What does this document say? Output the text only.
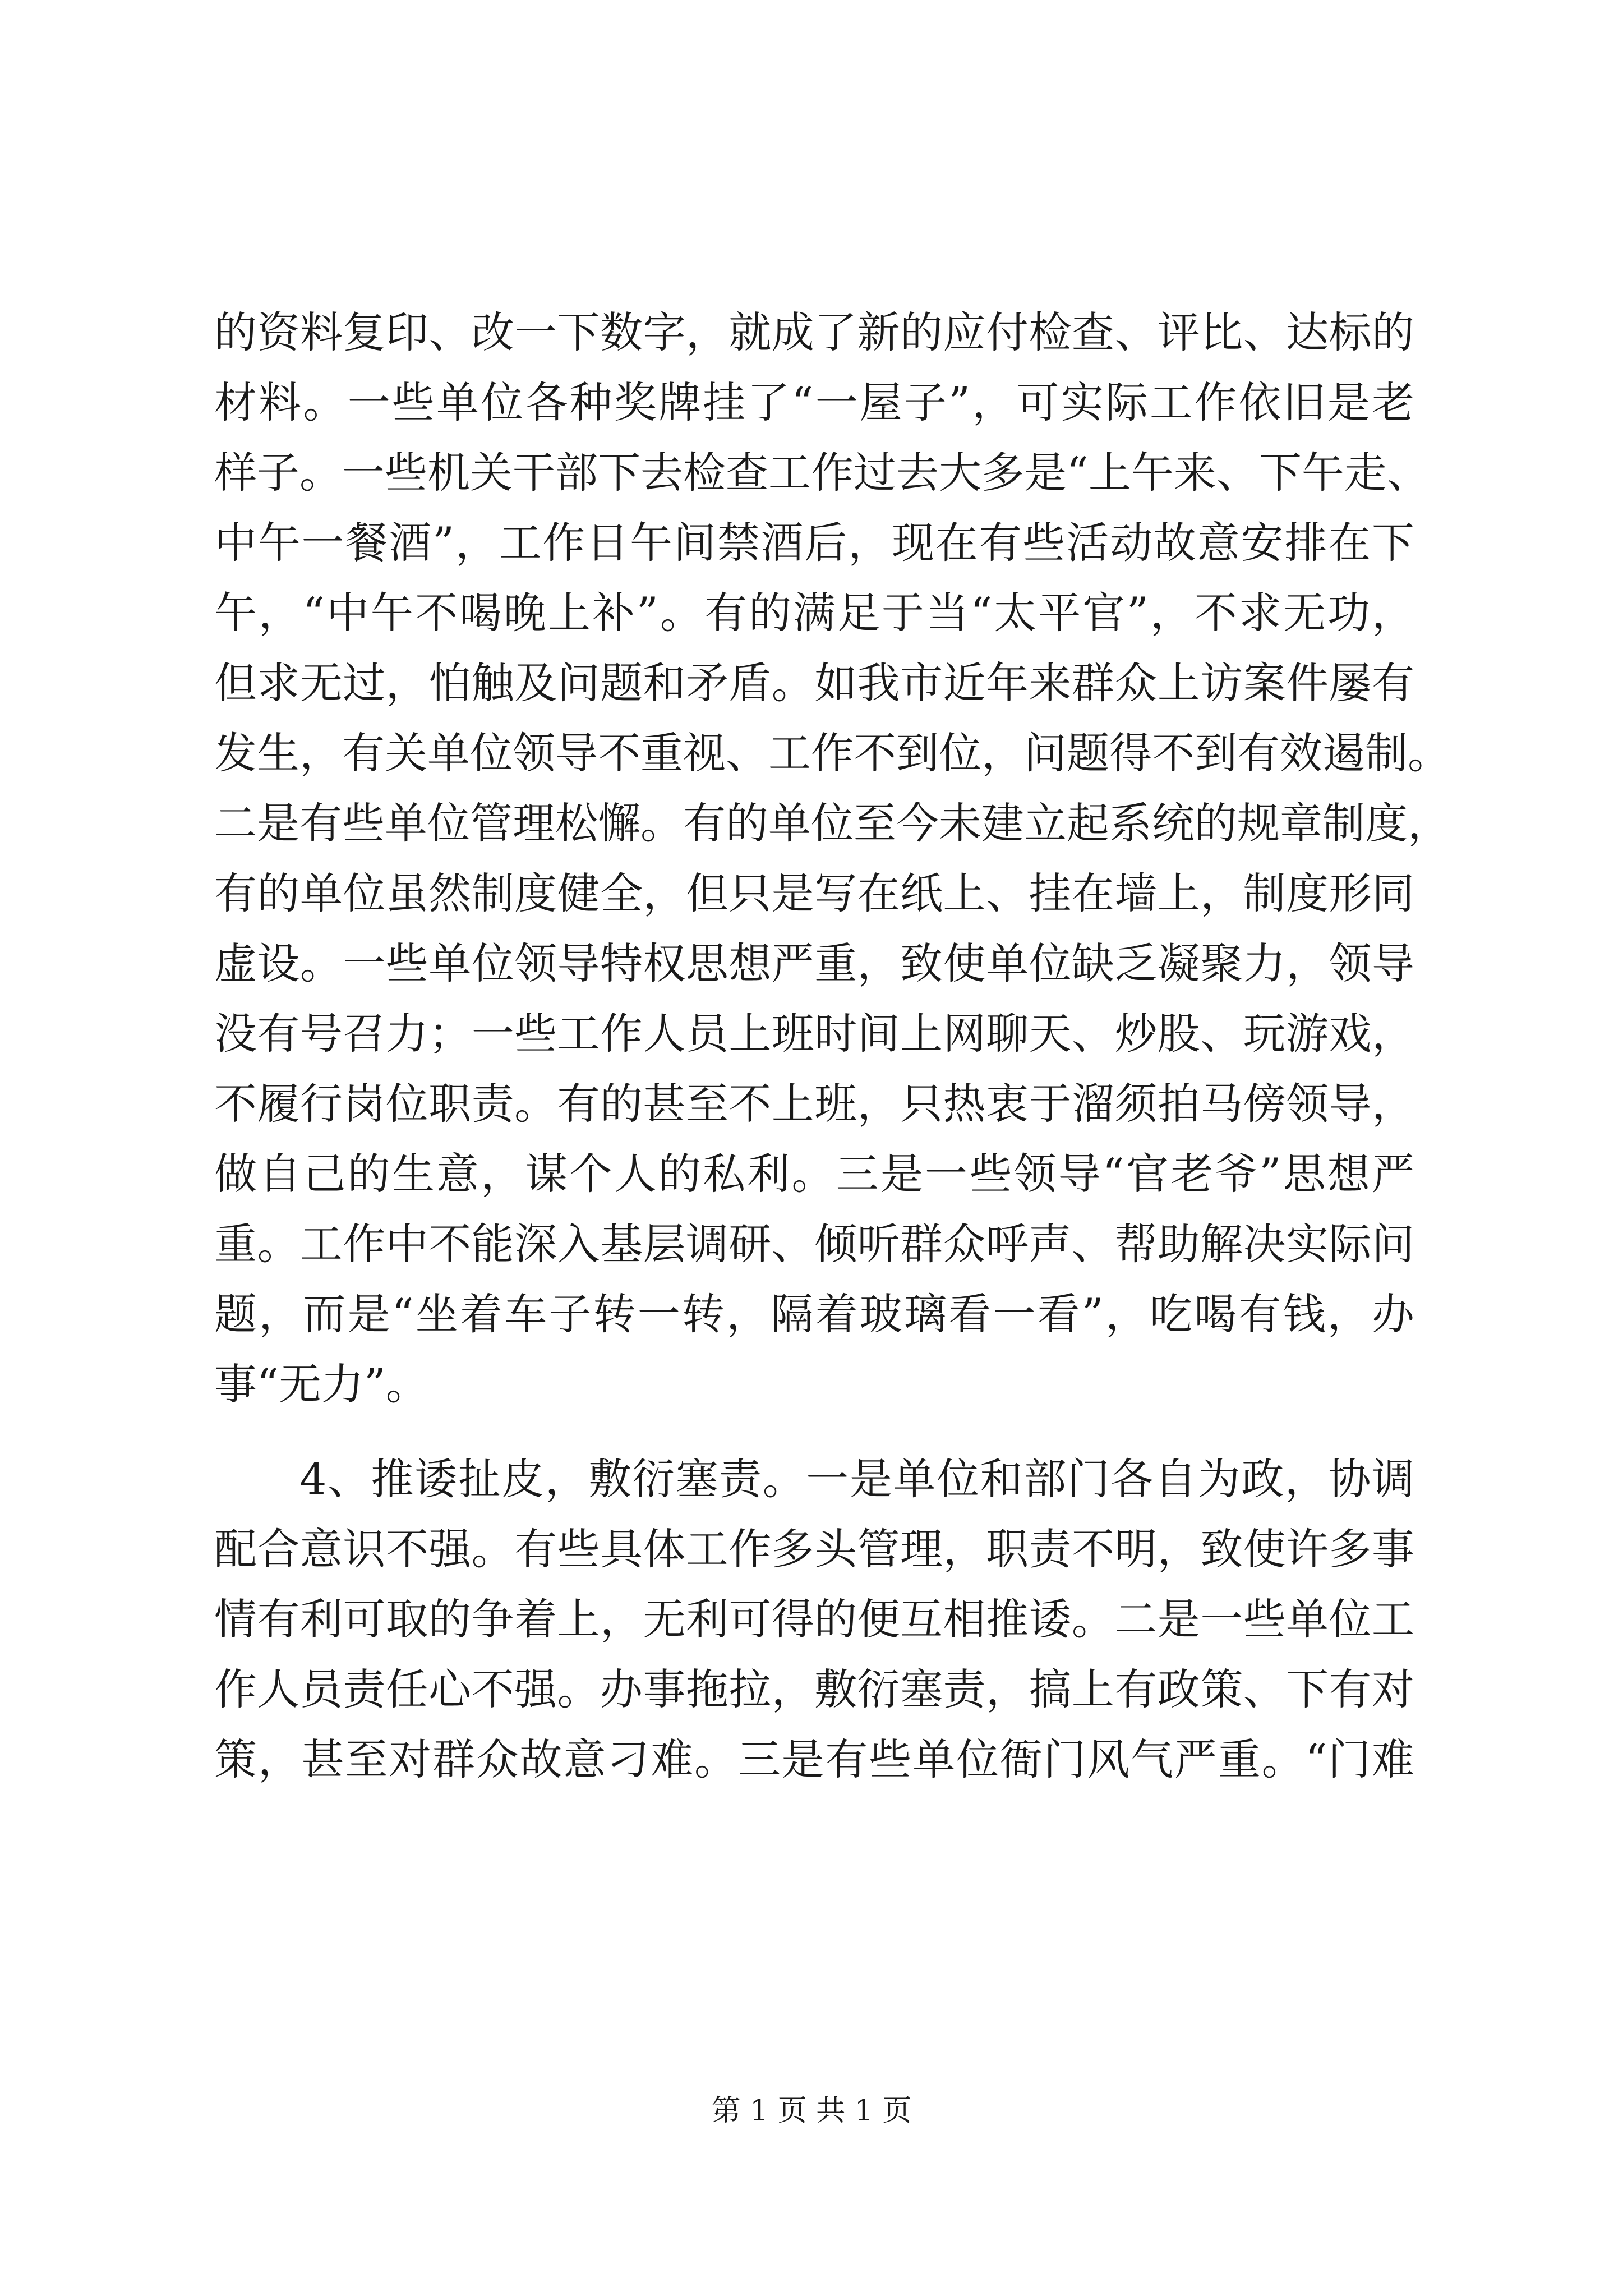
的资料复印、改一下数字，就成了新的应付检查、评比、达标的
材料。一些单位各种奖牌挂了“一屋子”，可实际工作依旧是老
样子。一些机关干部下去检查工作过去大多是“上午来、下午走、
中午一餐酒”，工作日午间禁酒后，现在有些活动故意安排在下
午，“中午不喝晚上补”。有的满足于当“太平官”，不求无功，
但求无过，怕触及问题和矛盾。如我市近年来群众上访案件屡有
发生，有关单位领导不重视、工作不到位，问题得不到有效遏制。
二是有些单位管理松懈。有的单位至今未建立起系统的规章制度，
有的单位虽然制度健全，但只是写在纸上、挂在墙上，制度形同
虚设。一些单位领导特权思想严重，致使单位缺乏凝聚力，领导
没有号召力；一些工作人员上班时间上网聊天、炒股、玩游戏，
不履行岗位职责。有的甚至不上班，只热衷于溜须拍马傍领导，
做自己的生意，谋个人的私利。三是一些领导“官老爷”思想严
重。工作中不能深入基层调研、倾听群众呼声、帮助解决实际问
题，而是“坐着车子转一转，隔着玻璃看一看”，吃喝有钱，办
事“无力”。
4、推诿扯皮，敷衍塞责。一是单位和部门各自为政，协调
配合意识不强。有些具体工作多头管理，职责不明，致使许多事
情有利可取的争着上，无利可得的便互相推诿。二是一些单位工
作人员责任心不强。办事拖拉，敷衍塞责，搞上有政策、下有对
策，甚至对群众故意刁难。三是有些单位衙门风气严重。“门难
第 1 页 共 1 页
